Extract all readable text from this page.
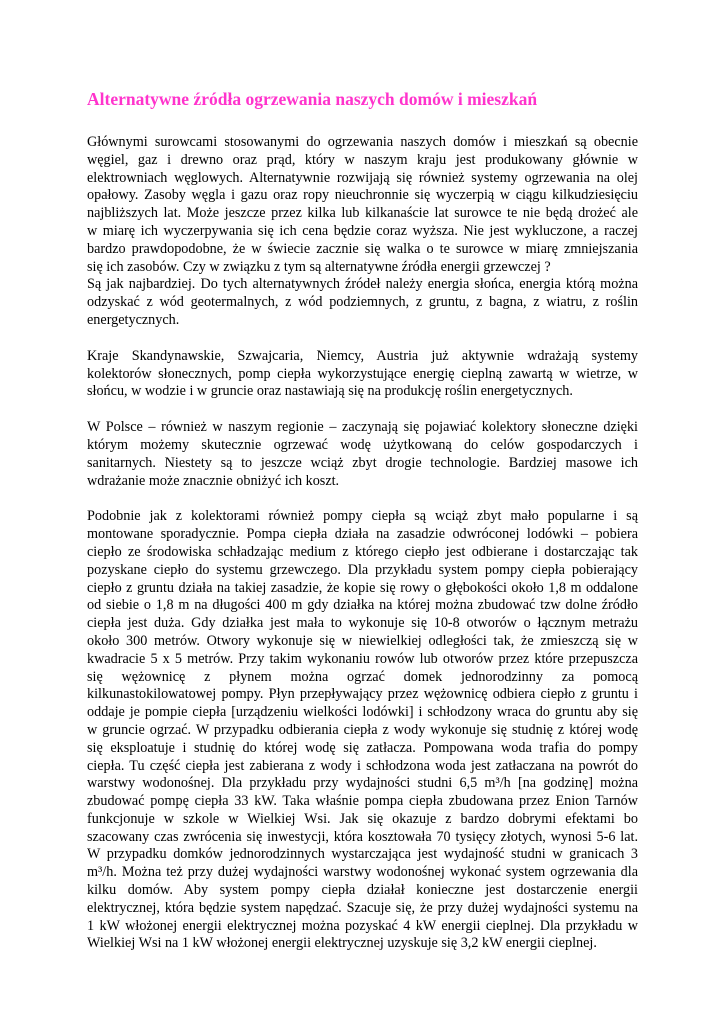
Alternatywne źródła ogrzewania naszych domów i mieszkań

Głównymi surowcami stosowanymi do ogrzewania naszych domów i mieszkań są obecnie
węgiel, gaz i drewno oraz prąd, który w naszym kraju jest produkowany głównie w
elektrowniach węglowych. Alternatywnie rozwijają się również systemy ogrzewania na olej
opałowy. Zasoby węgla i gazu oraz ropy nieuchronnie się wyczerpią w ciągu kilkudziesięciu
najbliższych lat. Może jeszcze przez kilka lub kilkanaście lat surowce te nie będą drożeć ale
w miarę ich wyczerpywania się ich cena będzie coraz wyższa. Nie jest wykluczone, a raczej
bardzo prawdopodobne, że w świecie zacznie się walka o te surowce w miarę zmniejszania
się ich zasobów. Czy w związku z tym są alternatywne źródła energii grzewczej ?
Są jak najbardziej. Do tych alternatywnych źródeł należy energia słońca, energia którą można
odzyskać z wód geotermalnych, z wód podziemnych, z gruntu, z bagna, z wiatru, z roślin
energetycznych.

Kraje Skandynawskie, Szwajcaria, Niemcy, Austria już aktywnie wdrażają systemy
kolektorów słonecznych, pomp ciepła wykorzystujące energię cieplną zawartą w wietrze, w
słońcu, w wodzie i w gruncie oraz nastawiają się na produkcję roślin energetycznych.

W Polsce – również w naszym regionie – zaczynają się pojawiać kolektory słoneczne dzięki
którym możemy skutecznie ogrzewać wodę użytkowaną do celów gospodarczych i
sanitarnych. Niestety są to jeszcze wciąż zbyt drogie technologie. Bardziej masowe ich
wdrażanie może znacznie obniżyć ich koszt.

Podobnie jak z kolektorami również pompy ciepła są wciąż zbyt mało popularne i są
montowane sporadycznie. Pompa ciepła działa na zasadzie odwróconej lodówki – pobiera
ciepło ze środowiska schładzając medium z którego ciepło jest odbierane i dostarczając tak
pozyskane ciepło do systemu grzewczego. Dla przykładu system pompy ciepła pobierający
ciepło z gruntu działa na takiej zasadzie, że kopie się rowy o głębokości około 1,8 m oddalone
od siebie o 1,8 m na długości 400 m gdy działka na której można zbudować tzw dolne źródło
ciepła jest duża. Gdy działka jest mała to wykonuje się 10-8 otworów o łącznym metrażu
około 300 metrów. Otwory wykonuje się w niewielkiej odległości tak, że zmieszczą się w
kwadracie 5 x 5 metrów. Przy takim wykonaniu rowów lub otworów przez które przepuszcza
się wężownicę z płynem można ogrzać domek jednorodzinny za pomocą
kilkunastokilowatowej pompy. Płyn przepływający przez wężownicę odbiera ciepło z gruntu i
oddaje je pompie ciepła [urządzeniu wielkości lodówki] i schłodzony wraca do gruntu aby się
w gruncie ogrzać. W przypadku odbierania ciepła z wody wykonuje się studnię z której wodę
się eksploatuje i studnię do której wodę się zatłacza. Pompowana woda trafia do pompy
ciepła. Tu część ciepła jest zabierana z wody i schłodzona woda jest zatłaczana na powrót do
warstwy wodonośnej. Dla przykładu przy wydajności studni 6,5 m³/h [na godzinę] można
zbudować pompę ciepła 33 kW. Taka właśnie pompa ciepła zbudowana przez Enion Tarnów
funkcjonuje w szkole w Wielkiej Wsi. Jak się okazuje z bardzo dobrymi efektami bo
szacowany czas zwrócenia się inwestycji, która kosztowała 70 tysięcy złotych, wynosi 5-6 lat.
W przypadku domków jednorodzinnych wystarczająca jest wydajność studni w granicach 3
m³/h. Można też przy dużej wydajności warstwy wodonośnej wykonać system ogrzewania dla
kilku domów. Aby system pompy ciepła działał konieczne jest dostarczenie energii
elektrycznej, która będzie system napędzać. Szacuje się, że przy dużej wydajności systemu na
1 kW włożonej energii elektrycznej można pozyskać 4 kW energii cieplnej. Dla przykładu w
Wielkiej Wsi na 1 kW włożonej energii elektrycznej uzyskuje się 3,2 kW energii cieplnej.
